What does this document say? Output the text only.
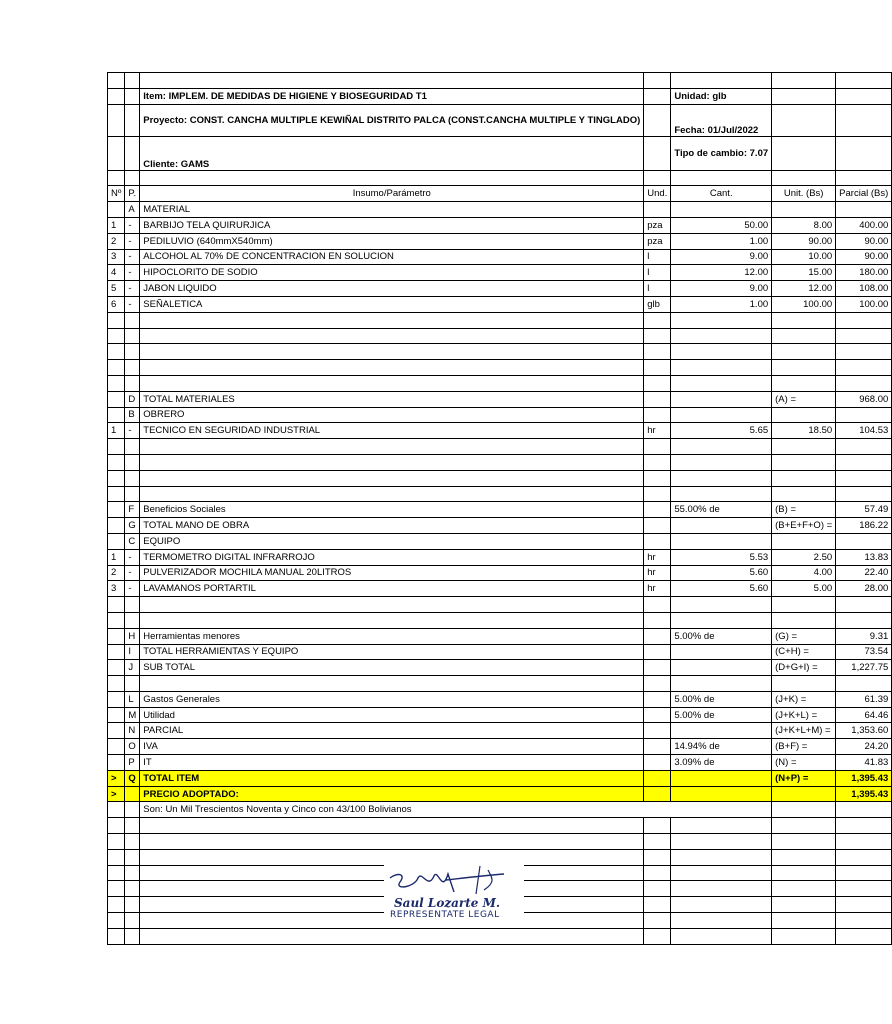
		Item: IMPLEM. DE MEDIDAS DE HIGIENE Y BIOSEGURIDAD T1		Unidad: glb		
		Proyecto: CONST. CANCHA MULTIPLE KEWIÑAL DISTRITO PALCA (CONST.CANCHA MULTIPLE Y TINGLADO)		Fecha: 01/Jul/2022		
		Cliente: GAMS		Tipo de cambio: 7.07		

Nº	P.	Insumo/Parámetro	Und.	Cant.	Unit. (Bs)	Parcial (Bs)
	A	MATERIAL				
1	-	BARBIJO TELA QUIRURJICA	pza	50.00	8.00	400.00
2	-	PEDILUVIO (640mmX540mm)	pza	1.00	90.00	90.00
3	-	ALCOHOL AL 70% DE CONCENTRACION EN SOLUCION	l	9.00	10.00	90.00
4	-	HIPOCLORITO DE SODIO	l	12.00	15.00	180.00
5	-	JABON LIQUIDO	l	9.00	12.00	108.00
6	-	SEÑALETICA	glb	1.00	100.00	100.00

	D	TOTAL MATERIALES			(A) =	968.00
	B	OBRERO				
1	-	TECNICO EN SEGURIDAD INDUSTRIAL	hr	5.65	18.50	104.53

	F	Beneficios Sociales		55.00% de	(B) =	57.49
	G	TOTAL MANO DE OBRA			(B+E+F+O) =	186.22
	C	EQUIPO				
1	-	TERMOMETRO DIGITAL INFRARROJO	hr	5.53	2.50	13.83
2	-	PULVERIZADOR MOCHILA MANUAL 20LITROS	hr	5.60	4.00	22.40
3	-	LAVAMANOS PORTARTIL	hr	5.60	5.00	28.00

	H	Herramientas menores		5.00% de	(G) =	9.31
	I	TOTAL HERRAMIENTAS Y EQUIPO			(C+H) =	73.54
	J	SUB TOTAL			(D+G+I) =	1,227.75

	L	Gastos Generales		5.00% de	(J+K) =	61.39
	M	Utilidad		5.00% de	(J+K+L) =	64.46
	N	PARCIAL			(J+K+L+M) =	1,353.60
	O	IVA		14.94% de	(B+F) =	24.20
	P	IT		3.09% de	(N) =	41.83
>	Q	TOTAL ITEM			(N+P) =	1,395.43
>		PRECIO ADOPTADO:				1,395.43
		Son: Un Mil Trescientos Noventa y Cinco con 43/100 Bolivianos				

Saul Lozarte M.
REPRESENTATE LEGAL
